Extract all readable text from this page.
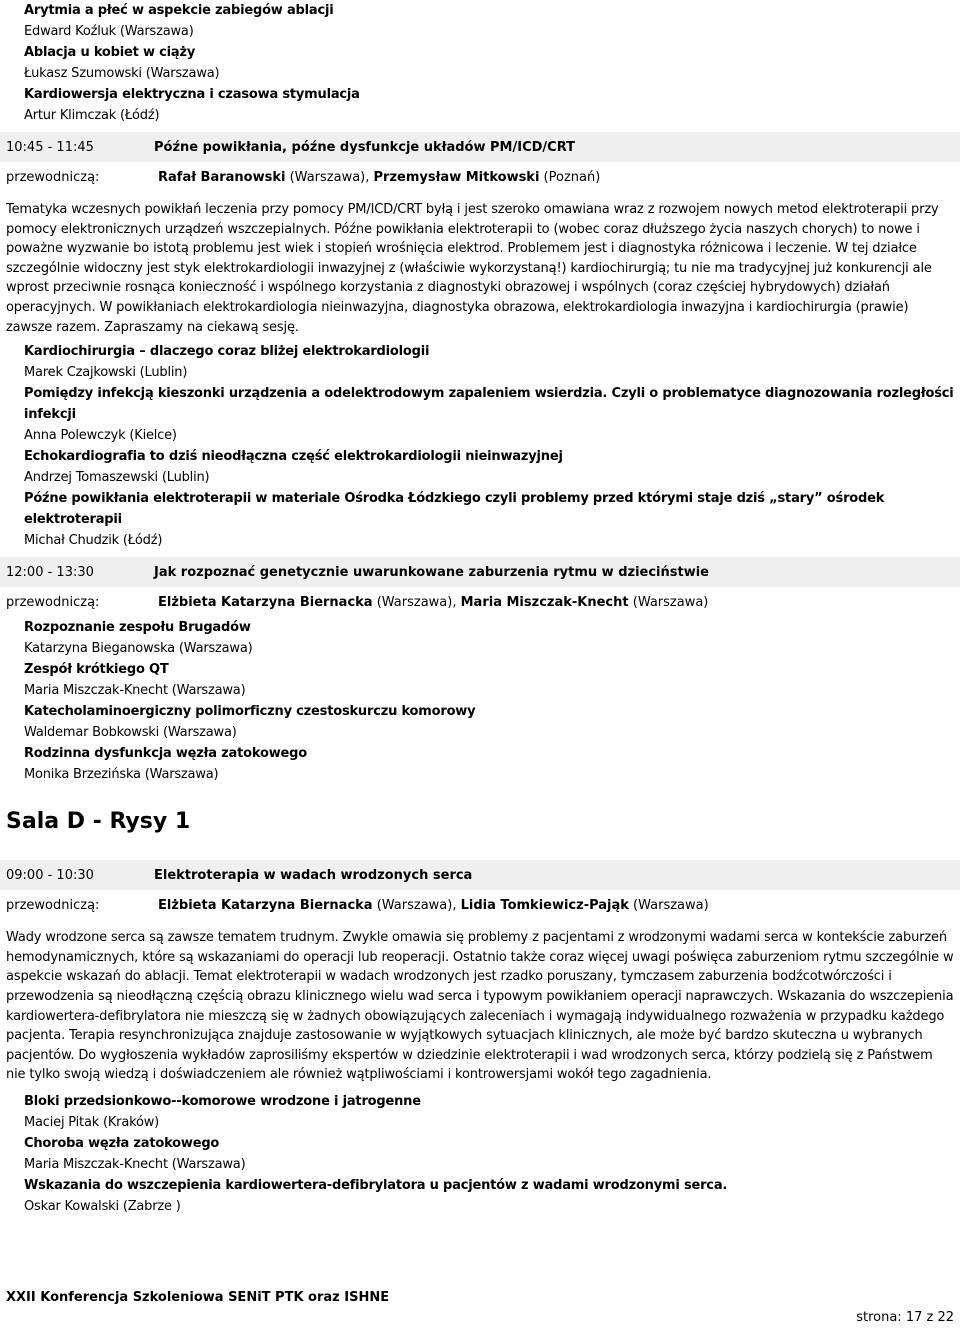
Arytmia a płeć w aspekcie zabiegów ablacji

Edward Koźluk (Warszawa)

Ablacja u kobiet w ciąży

Łukasz Szumowski (Warszawa)

Kardiowersja elektryczna i czasowa stymulacja

Artur Klimczak (Łódź)

10:45 - 11:45	Późne powikłania, późne dysfunkcje układów PM/ICD/CRT
przewodniczą:	Rafał Baranowski (Warszawa), Przemysław Mitkowski (Poznań)

Tematyka wczesnych powikłań leczenia przy pomocy PM/ICD/CRT byłą i jest szeroko omawiana wraz z rozwojem nowych metod elektroterapii przy pomocy elektronicznych urządzeń wszczepialnych. Późne powikłania elektroterapii to (wobec coraz dłuższego życia naszych chorych) to nowe i poważne wyzwanie bo istotą problemu jest wiek i stopień wrośnięcia elektrod. Problemem jest i diagnostyka różnicowa i leczenie. W tej działce szczególnie widoczny jest styk elektrokardiologii inwazyjnej z (właściwie wykorzystaną!) kardiochirurgią; tu nie ma tradycyjnej już konkurencji ale wprost przeciwnie rosnąca konieczność i wspólnego korzystania z diagnostyki obrazowej i wspólnych (coraz częściej hybrydowych) działań operacyjnych. W powikłaniach elektrokardiologia nieinwazyjna, diagnostyka obrazowa, elektrokardiologia inwazyjna i kardiochirurgia (prawie) zawsze razem. Zapraszamy na ciekawą sesję.

Kardiochirurgia – dlaczego coraz bliżej elektrokardiologii

Marek Czajkowski (Lublin)

Pomiędzy infekcją kieszonki urządzenia a odelektrodowym zapaleniem wsierdzia. Czyli o problematyce diagnozowania rozległości infekcji

Anna Polewczyk (Kielce)

Echokardiografia to dziś nieodłączna część elektrokardiologii nieinwazyjnej

Andrzej Tomaszewski (Lublin)

Późne powikłania elektroterapii w materiale Ośrodka Łódzkiego czyli problemy przed którymi staje dziś „stary” ośrodek elektroterapii

Michał Chudzik (Łódź)

12:00 - 13:30	Jak rozpoznać genetycznie uwarunkowane zaburzenia rytmu w dzieciństwie
przewodniczą:	Elżbieta Katarzyna Biernacka (Warszawa), Maria Miszczak-Knecht (Warszawa)

Rozpoznanie zespołu Brugadów

Katarzyna Bieganowska (Warszawa)

Zespół krótkiego QT

Maria Miszczak-Knecht (Warszawa)

Katecholaminoergiczny polimorficzny czestoskurczu komorowy

Waldemar Bobkowski (Warszawa)

Rodzinna dysfunkcja węzła zatokowego

Monika Brzezińska (Warszawa)

Sala D - Rysy 1
09:00 - 10:30	Elektroterapia w wadach wrodzonych serca
przewodniczą:	Elżbieta Katarzyna Biernacka (Warszawa), Lidia Tomkiewicz-Pająk (Warszawa)

Wady wrodzone serca są zawsze tematem trudnym. Zwykle omawia się problemy z pacjentami z wrodzonymi wadami serca w kontekście zaburzeń hemodynamicznych, które są wskazaniami do operacji lub reoperacji. Ostatnio także coraz więcej uwagi poświęca zaburzeniom rytmu szczególnie w aspekcie wskazań do ablacji. Temat elektroterapii w wadach wrodzonych jest rzadko poruszany, tymczasem zaburzenia bodźcotwórczości i przewodzenia są nieodłączną częścią obrazu klinicznego wielu wad serca i typowym powikłaniem operacji naprawczych. Wskazania do wszczepienia kardiowertera-defibrylatora nie mieszczą się w żadnych obowiązujących zaleceniach i wymagają indywidualnego rozważenia w przypadku każdego pacjenta. Terapia resynchronizująca znajduje zastosowanie w wyjątkowych sytuacjach klinicznych, ale może być bardzo skuteczna u wybranych pacjentów. Do wygłoszenia wykładów zaprosiliśmy ekspertów w dziedzinie elektroterapii i wad wrodzonych serca, którzy podzielą się z Państwem nie tylko swoją wiedzą i doświadczeniem ale również wątpliwościami i kontrowersjami wokół tego zagadnienia.

Bloki przedsionkowo--komorowe wrodzone i jatrogenne

Maciej Pitak (Kraków)

Choroba węzła zatokowego

Maria Miszczak-Knecht (Warszawa)

Wskazania do wszczepienia kardiowertera-defibrylatora u pacjentów z wadami wrodzonymi serca.

Oskar Kowalski (Zabrze )

XXII Konferencja Szkoleniowa SENiT PTK oraz ISHNE
strona: 17 z 22
